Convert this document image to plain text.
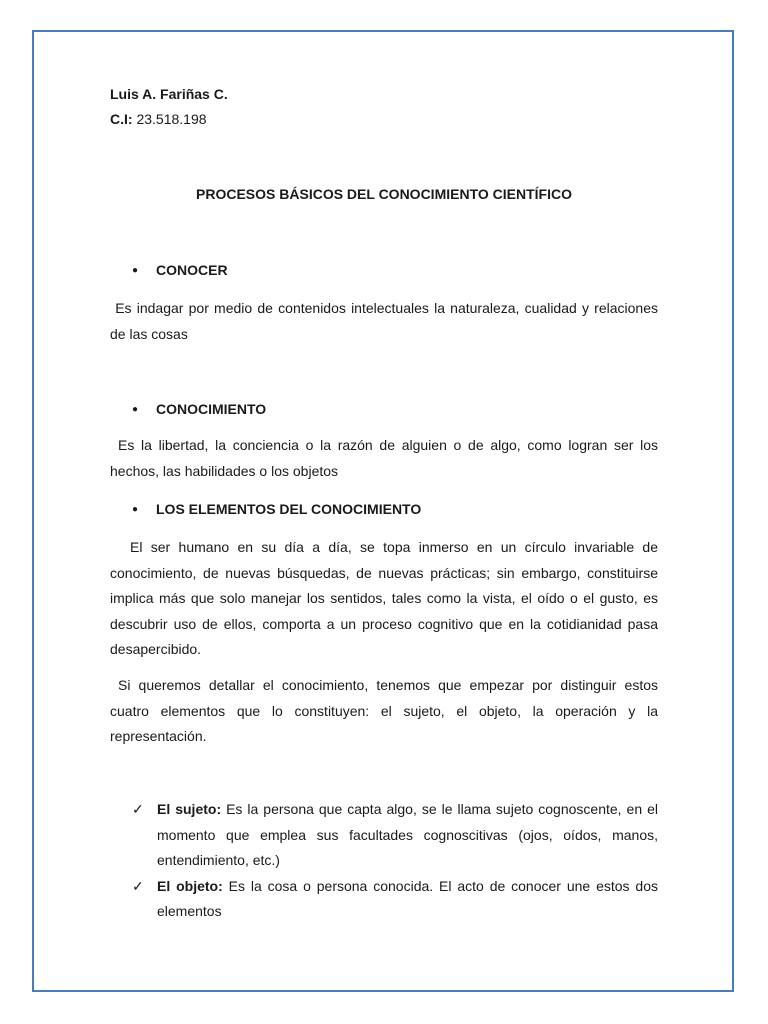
Luis A. Fariñas C.
C.I: 23.518.198
PROCESOS BÁSICOS DEL CONOCIMIENTO CIENTÍFICO
● CONOCER
Es indagar por medio de contenidos intelectuales la naturaleza, cualidad y relaciones de las cosas
● CONOCIMIENTO
Es la libertad, la conciencia o la razón de alguien o de algo, como logran ser los hechos, las habilidades o los objetos
● LOS ELEMENTOS DEL CONOCIMIENTO
El ser humano en su día a día, se topa inmerso en un círculo invariable de conocimiento, de nuevas búsquedas, de nuevas prácticas; sin embargo, constituirse implica más que solo manejar los sentidos, tales como la vista, el oído o el gusto, es descubrir uso de ellos, comporta a un proceso cognitivo que en la cotidianidad pasa desapercibido.
Si queremos detallar el conocimiento, tenemos que empezar por distinguir estos cuatro elementos que lo constituyen: el sujeto, el objeto, la operación y la representación.
✓ El sujeto: Es la persona que capta algo, se le llama sujeto cognoscente, en el momento que emplea sus facultades cognoscitivas (ojos, oídos, manos, entendimiento, etc.)
✓ El objeto: Es la cosa o persona conocida. El acto de conocer une estos dos elementos
